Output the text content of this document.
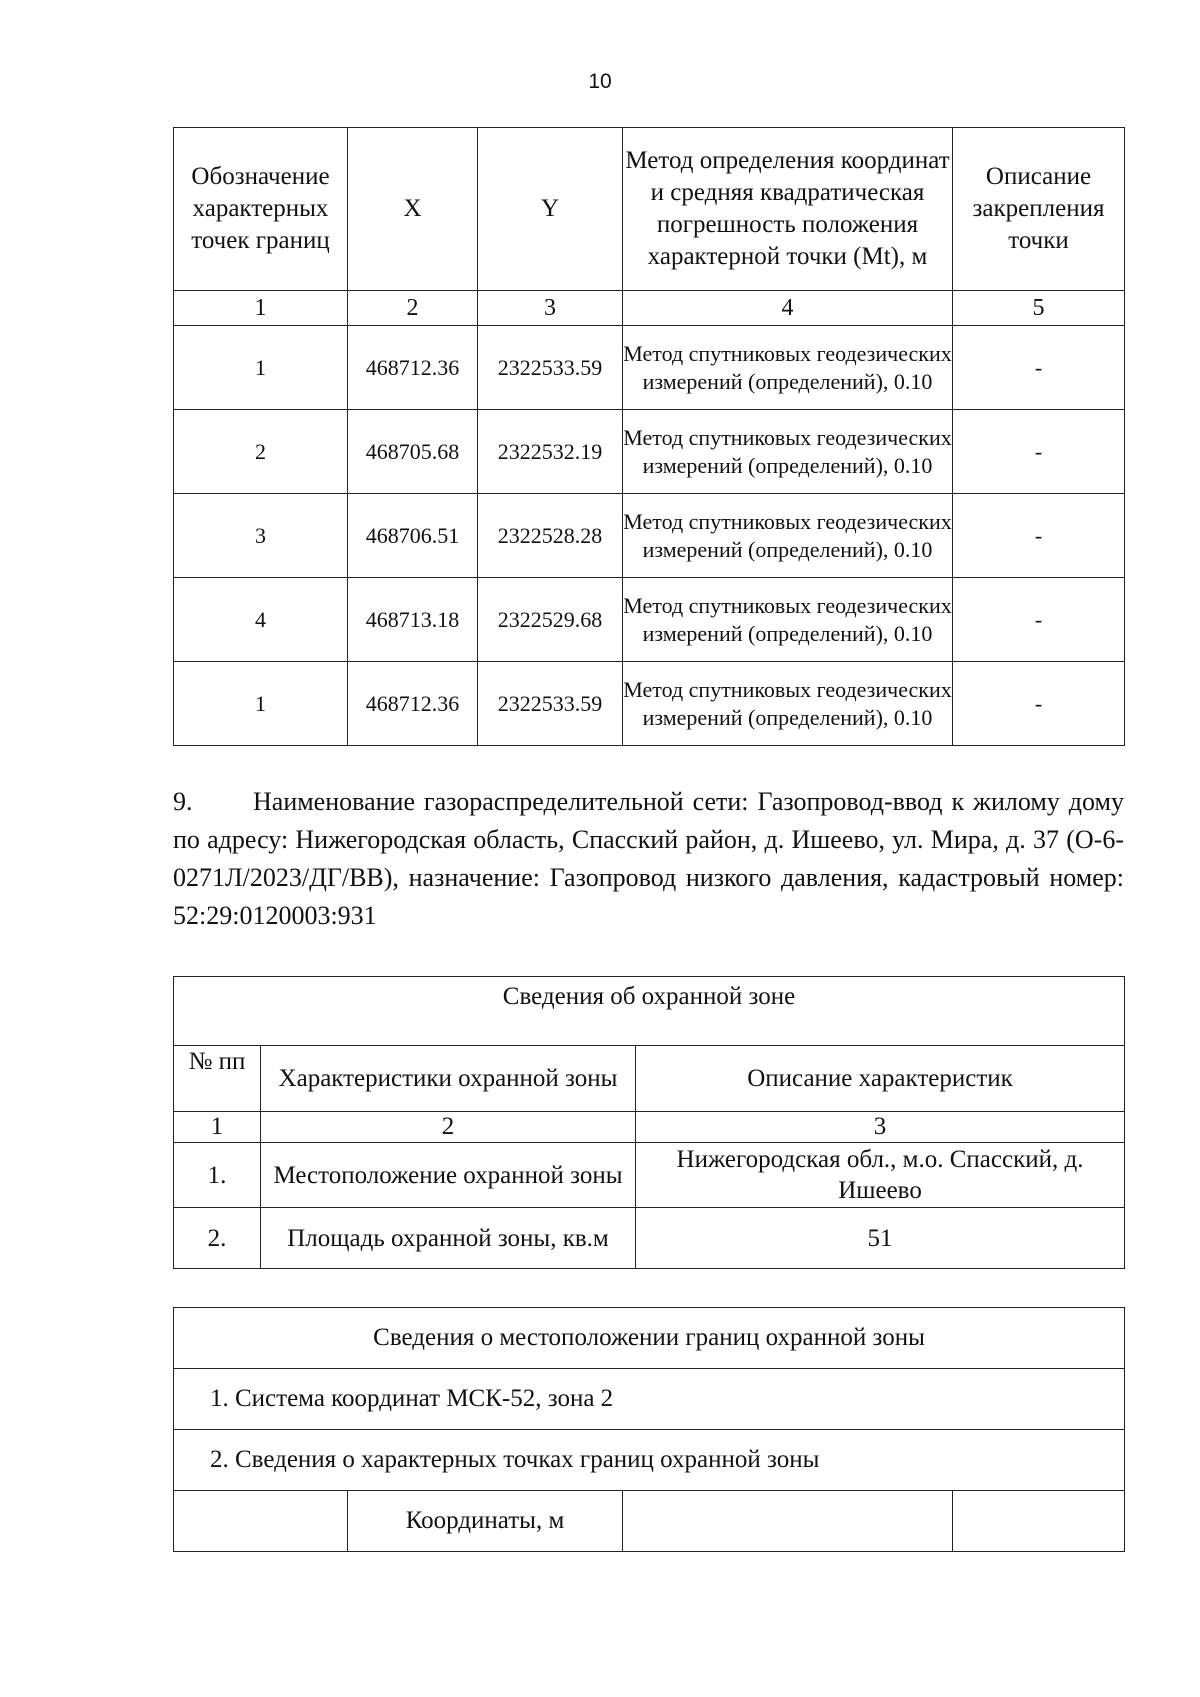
10
Обозначение характерных точек границ	X	Y	Метод определения координат и средняя квадратическая погрешность положения характерной точки (Mt), м	Описание закрепления точки
1	2	3	4	5
1	468712.36	2322533.59	Метод спутниковых геодезических измерений (определений), 0.10	-
2	468705.68	2322532.19	Метод спутниковых геодезических измерений (определений), 0.10	-
3	468706.51	2322528.28	Метод спутниковых геодезических измерений (определений), 0.10	-
4	468713.18	2322529.68	Метод спутниковых геодезических измерений (определений), 0.10	-
1	468712.36	2322533.59	Метод спутниковых геодезических измерений (определений), 0.10	-

9. Наименование газораспределительной сети: Газопровод-ввод к жилому дому по адресу: Нижегородская область, Спасский район, д. Ишеево, ул. Мира, д. 37 (О-6-0271Л/2023/ДГ/ВВ), назначение: Газопровод низкого давления, кадастровый номер: 52:29:0120003:931

Сведения об охранной зоне		
№ пп	Характеристики охранной зоны	Описание характеристик
1	2	3
1.	Местоположение охранной зоны	Нижегородская обл., м.о. Спасский, д. Ишеево
2.	Площадь охранной зоны, кв.м	51
Сведения о местоположении границ охранной зоны
1. Система координат МСК-52, зона 2
2. Сведения о характерных точках границ охранной зоны
	Координаты, м		
